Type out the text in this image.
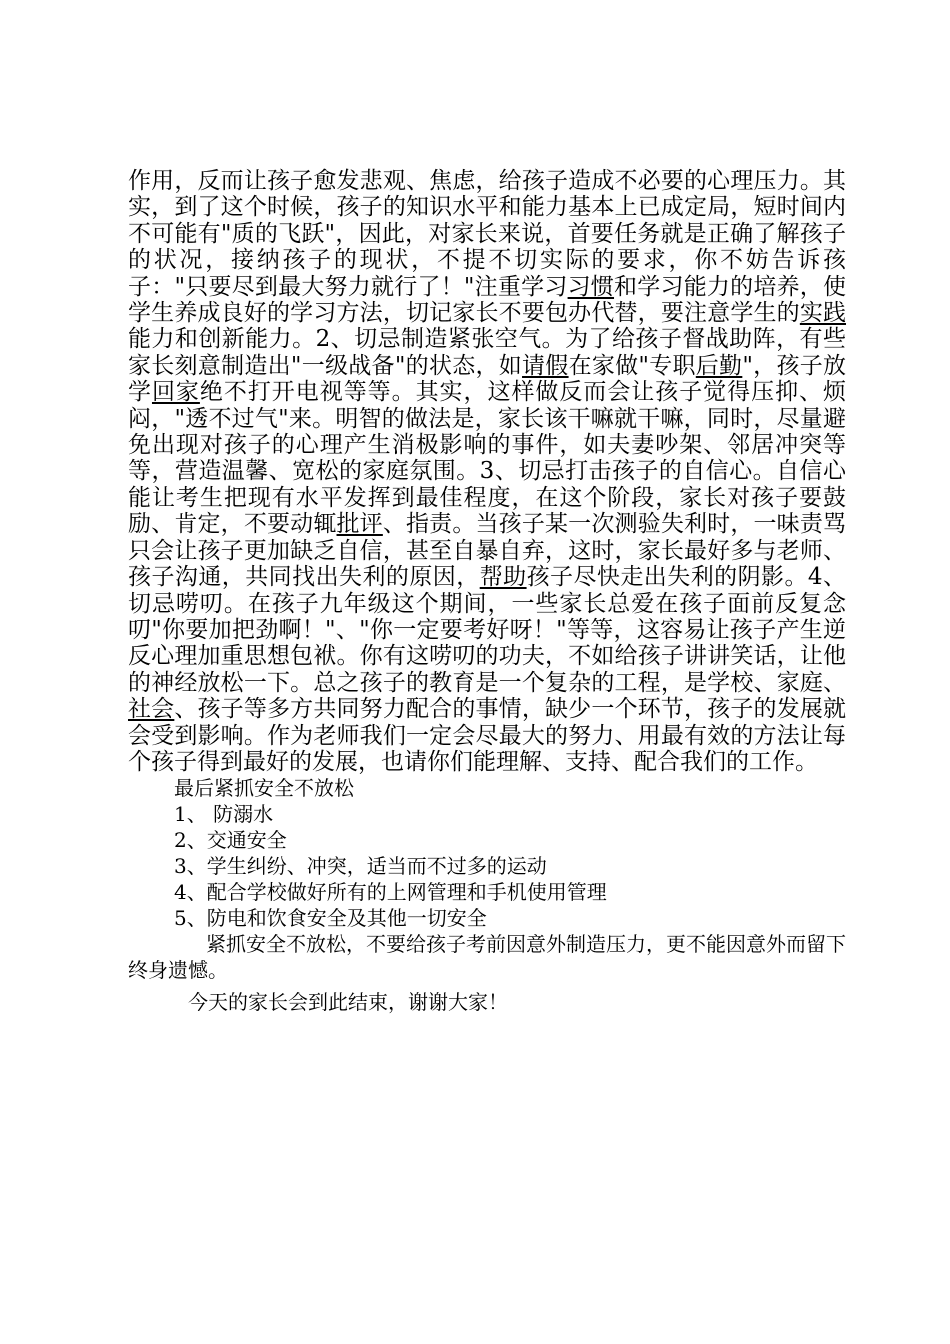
作用，反而让孩子愈发悲观、焦虑，给孩子造成不必要的心理压力。其实，到了这个时候，孩子的知识水平和能力基本上已成定局，短时间内不可能有"质的飞跃"，因此，对家长来说，首要任务就是正确了解孩子的状况，接纳孩子的现状，不提不切实际的要求，你不妨告诉孩子："只要尽到最大努力就行了！"注重学习习惯和学习能力的培养，使学生养成良好的学习方法，切记家长不要包办代替，要注意学生的实践能力和创新能力。2、切忌制造紧张空气。为了给孩子督战助阵，有些家长刻意制造出"一级战备"的状态，如请假在家做"专职后勤"，孩子放学回家绝不打开电视等等。其实，这样做反而会让孩子觉得压抑、烦闷，"透不过气"来。明智的做法是，家长该干嘛就干嘛，同时，尽量避免出现对孩子的心理产生消极影响的事件，如夫妻吵架、邻居冲突等等，营造温馨、宽松的家庭氛围。3、切忌打击孩子的自信心。自信心能让考生把现有水平发挥到最佳程度，在这个阶段，家长对孩子要鼓励、肯定，不要动辄批评、指责。当孩子某一次测验失利时，一味责骂只会让孩子更加缺乏自信，甚至自暴自弃，这时，家长最好多与老师、孩子沟通，共同找出失利的原因，帮助孩子尽快走出失利的阴影。4、切忌唠叨。在孩子九年级这个期间，一些家长总爱在孩子面前反复念叨"你要加把劲啊！"、"你一定要考好呀！"等等，这容易让孩子产生逆反心理加重思想包袱。你有这唠叨的功夫，不如给孩子讲讲笑话，让他的神经放松一下。总之孩子的教育是一个复杂的工程，是学校、家庭、社会、孩子等多方共同努力配合的事情，缺少一个环节，孩子的发展就会受到影响。作为老师我们一定会尽最大的努力、用最有效的方法让每个孩子得到最好的发展，也请你们能理解、支持、配合我们的工作。

最后紧抓安全不放松

1、 防溺水

2、交通安全

3、学生纠纷、冲突，适当而不过多的运动

4、配合学校做好所有的上网管理和手机使用管理

5、防电和饮食安全及其他一切安全

紧抓安全不放松，不要给孩子考前因意外制造压力，更不能因意外而留下终身遗憾。

今天的家长会到此结束，谢谢大家！
